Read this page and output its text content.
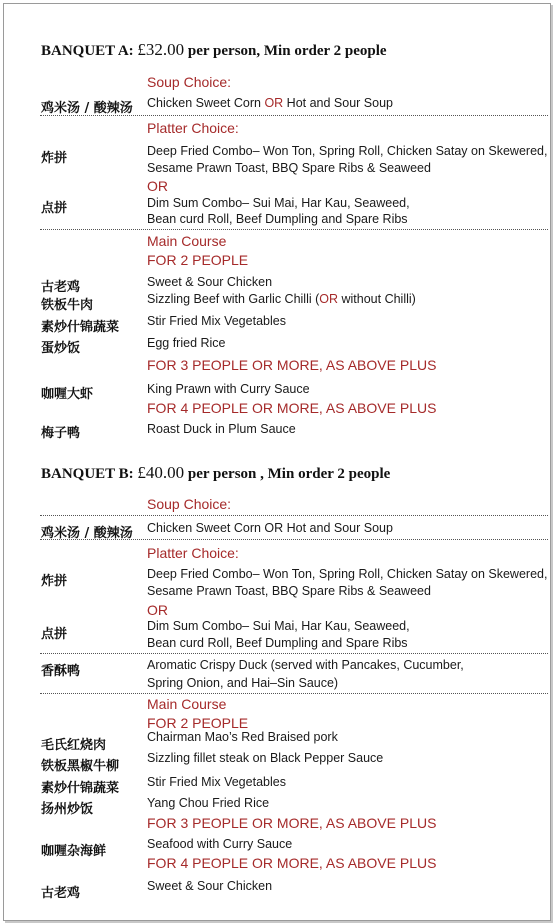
BANQUET A: £32.00 per person, Min order 2 people
Soup Choice:
鸡米汤 / 酸辣汤 Chicken Sweet Corn OR Hot and Sour Soup
Platter Choice:
炸拼	Deep Fried Combo– Won Ton, Spring Roll, Chicken Satay on Skewered,
Sesame Prawn Toast, BBQ Spare Ribs & Seaweed
OR
点拼	Dim Sum Combo– Sui Mai, Har Kau, Seaweed,
Bean curd Roll, Beef Dumpling and Spare Ribs
Main Course
FOR 2 PEOPLE
古老鸡	Sweet & Sour Chicken
铁板牛肉	Sizzling Beef with Garlic Chilli (OR without Chilli)
素炒什锦蔬菜 Stir Fried Mix Vegetables
蛋炒饭	Egg fried Rice
FOR 3 PEOPLE OR MORE, AS ABOVE PLUS
咖喱大虾	King Prawn with Curry Sauce
FOR 4 PEOPLE OR MORE, AS ABOVE PLUS
梅子鸭	Roast Duck in Plum Sauce
BANQUET B: £40.00 per person , Min order 2 people
Soup Choice:
鸡米汤 / 酸辣汤 Chicken Sweet Corn OR Hot and Sour Soup
Platter Choice:
炸拼	Deep Fried Combo– Won Ton, Spring Roll, Chicken Satay on Skewered,
Sesame Prawn Toast, BBQ Spare Ribs & Seaweed
OR
点拼
Dim Sum Combo– Sui Mai, Har Kau, Seaweed,
Bean curd Roll, Beef Dumpling and Spare Ribs
香酥鸭	Aromatic Crispy Duck (served with Pancakes, Cucumber,
Spring Onion, and Hai–Sin Sauce)
Main Course
FOR 2 PEOPLE
毛氏红烧肉
Chairman Mao’s Red Braised pork
铁板黑椒牛柳
Sizzling fillet steak on Black Pepper Sauce
素炒什锦蔬菜 Stir Fried Mix Vegetables
扬州炒饭	Yang Chou Fried Rice
FOR 3 PEOPLE OR MORE, AS ABOVE PLUS
咖喱杂海鲜	Seafood with Curry Sauce
FOR 4 PEOPLE OR MORE, AS ABOVE PLUS
古老鸡	Sweet & Sour Chicken
